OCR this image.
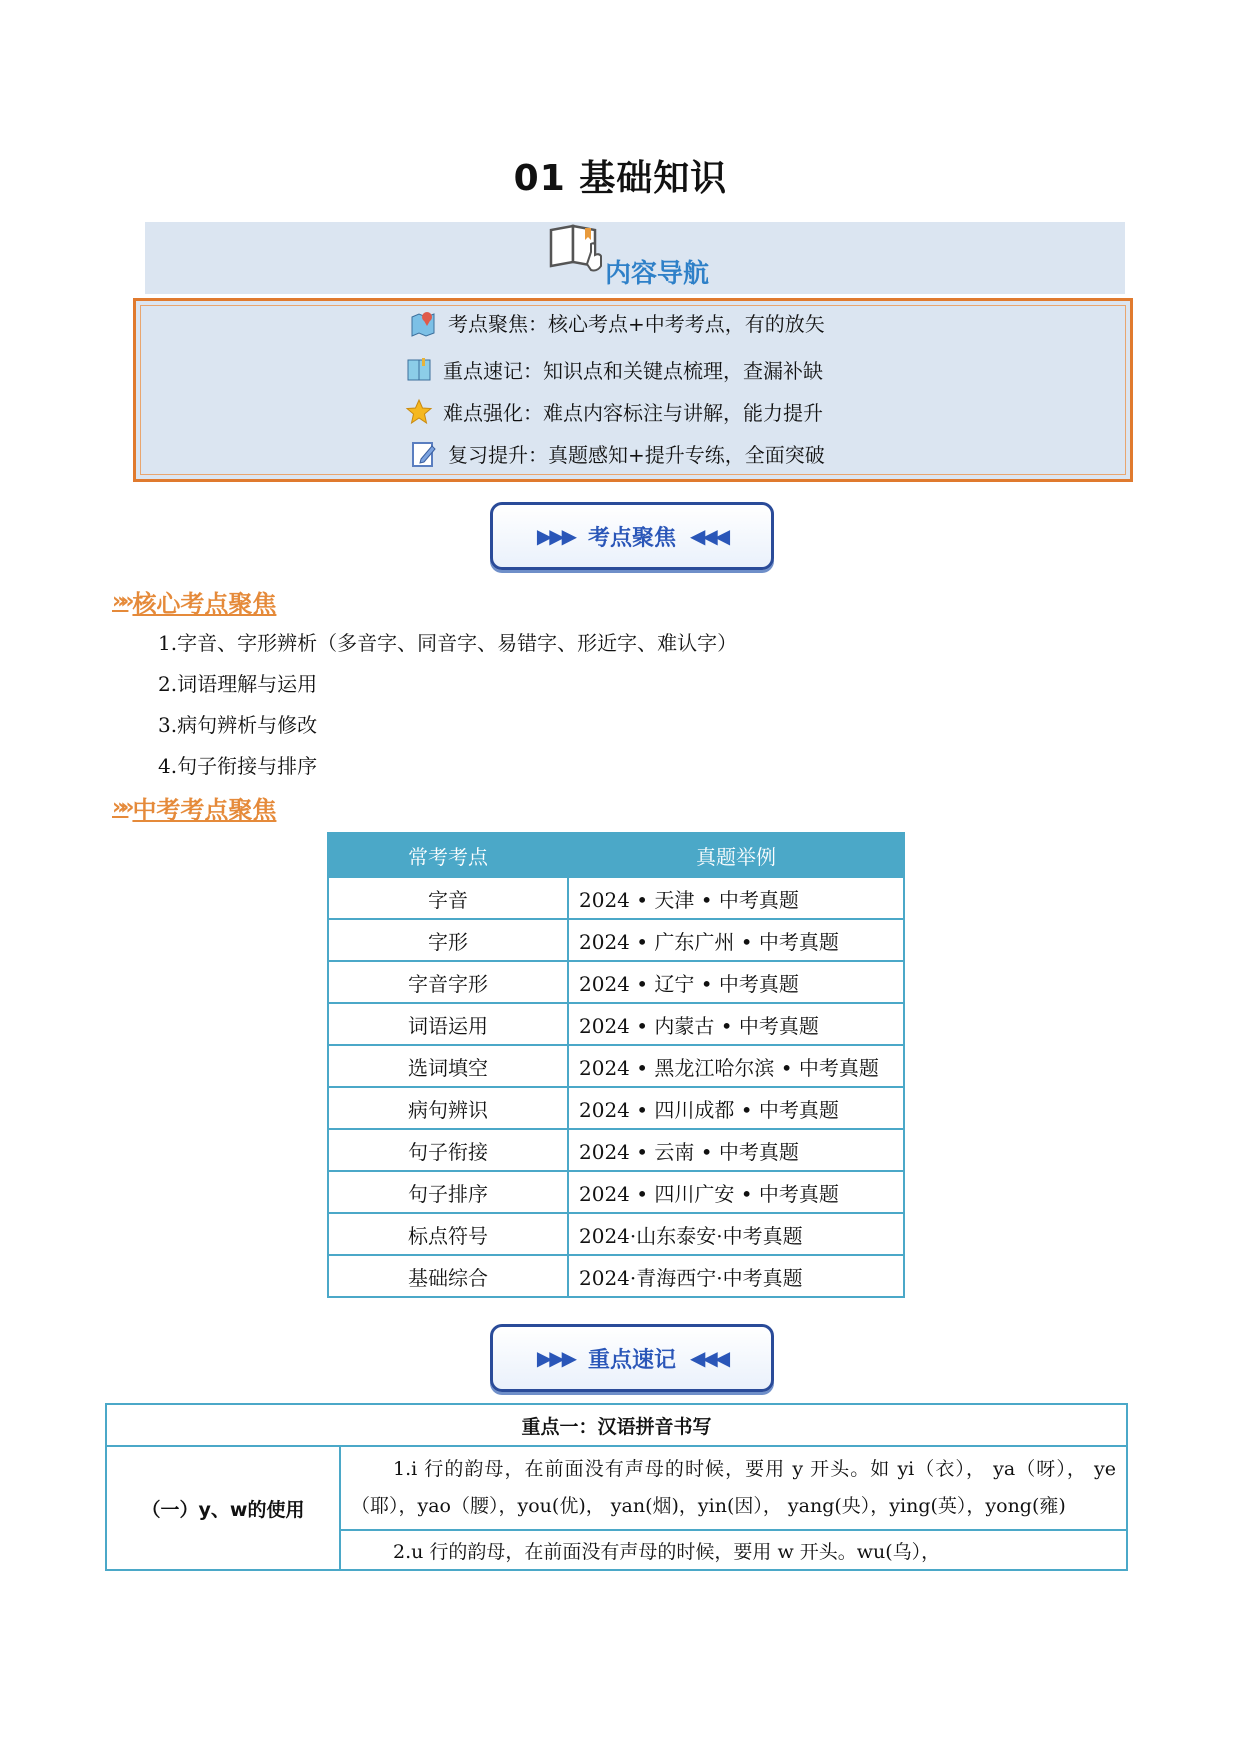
01 基础知识
内容导航
考点聚焦：核心考点+中考考点，有的放矢
重点速记：知识点和关键点梳理，查漏补缺
难点强化：难点内容标注与讲解，能力提升
复习提升：真题感知+提升专练，全面突破
▶▶▶ 考点聚焦 ◀◀◀
»» 核心考点聚焦
1.字音、字形辨析（多音字、同音字、易错字、形近字、难认字）
2.词语理解与运用
3.病句辨析与修改
4.句子衔接与排序
»» 中考考点聚焦
常考考点	真题举例
字音	2024 • 天津 • 中考真题
字形	2024 • 广东广州 • 中考真题
字音字形	2024 • 辽宁 • 中考真题
词语运用	2024 • 内蒙古 • 中考真题
选词填空	2024 • 黑龙江哈尔滨 • 中考真题
病句辨识	2024 • 四川成都 • 中考真题
句子衔接	2024 • 云南 • 中考真题
句子排序	2024 • 四川广安 • 中考真题
标点符号	2024·山东泰安·中考真题
基础综合	2024·青海西宁·中考真题
▶▶▶ 重点速记 ◀◀◀
重点一：汉语拼音书写
（一）y、w的使用	1.i 行的韵母，在前面没有声母的时候，要用 y 开头。如 yi（衣）， ya（呀）， ye（耶），yao（腰），you(优)， yan(烟)，yin(因）， yang(央），ying(英），yong(雍)

2.u 行的韵母，在前面没有声母的时候，要用 w 开头。wu(乌），
